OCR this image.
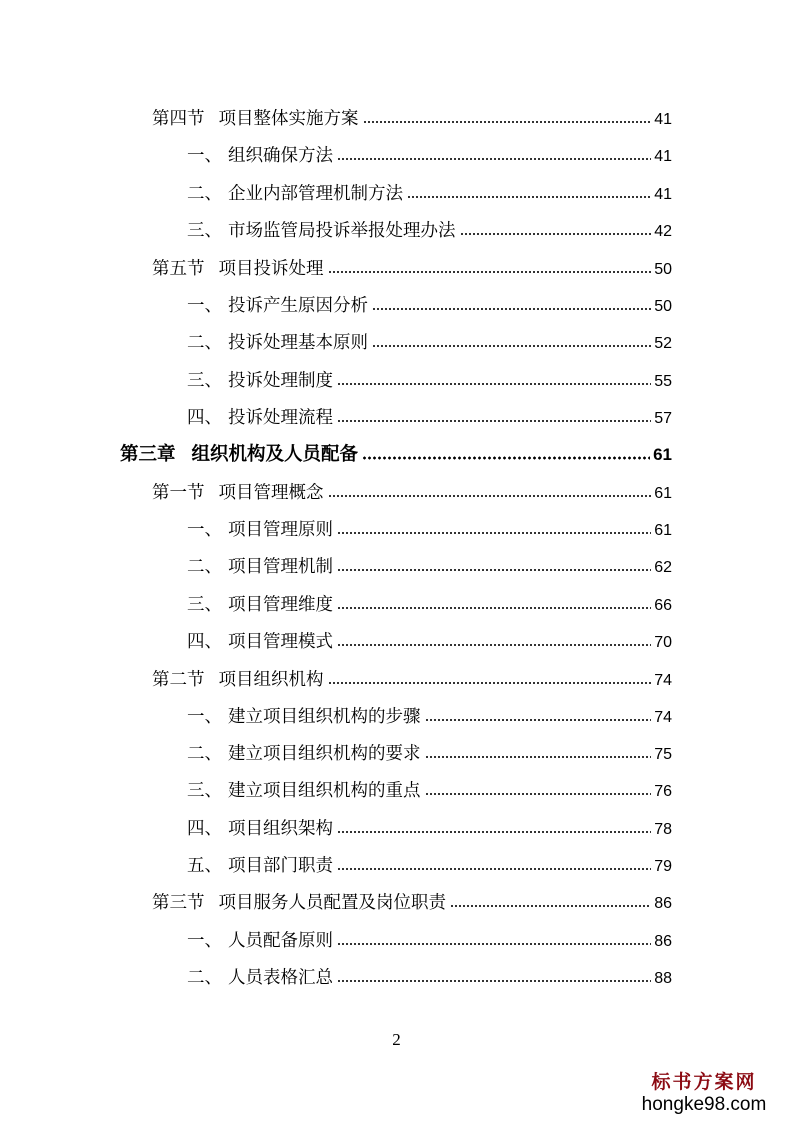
第四节 项目整体实施方案	41
一、 组织确保方法	41
二、 企业内部管理机制方法	41
三、 市场监管局投诉举报处理办法	42
第五节 项目投诉处理	50
一、 投诉产生原因分析	50
二、 投诉处理基本原则	52
三、 投诉处理制度	55
四、 投诉处理流程	57
第三章 组织机构及人员配备	61
第一节 项目管理概念	61
一、 项目管理原则	61
二、 项目管理机制	62
三、 项目管理维度	66
四、 项目管理模式	70
第二节 项目组织机构	74
一、 建立项目组织机构的步骤	74
二、 建立项目组织机构的要求	75
三、 建立项目组织机构的重点	76
四、 项目组织架构	78
五、 项目部门职责	79
第三节 项目服务人员配置及岗位职责	86
一、 人员配备原则	86
二、 人员表格汇总	88
2
标书方案网
hongke98.com
